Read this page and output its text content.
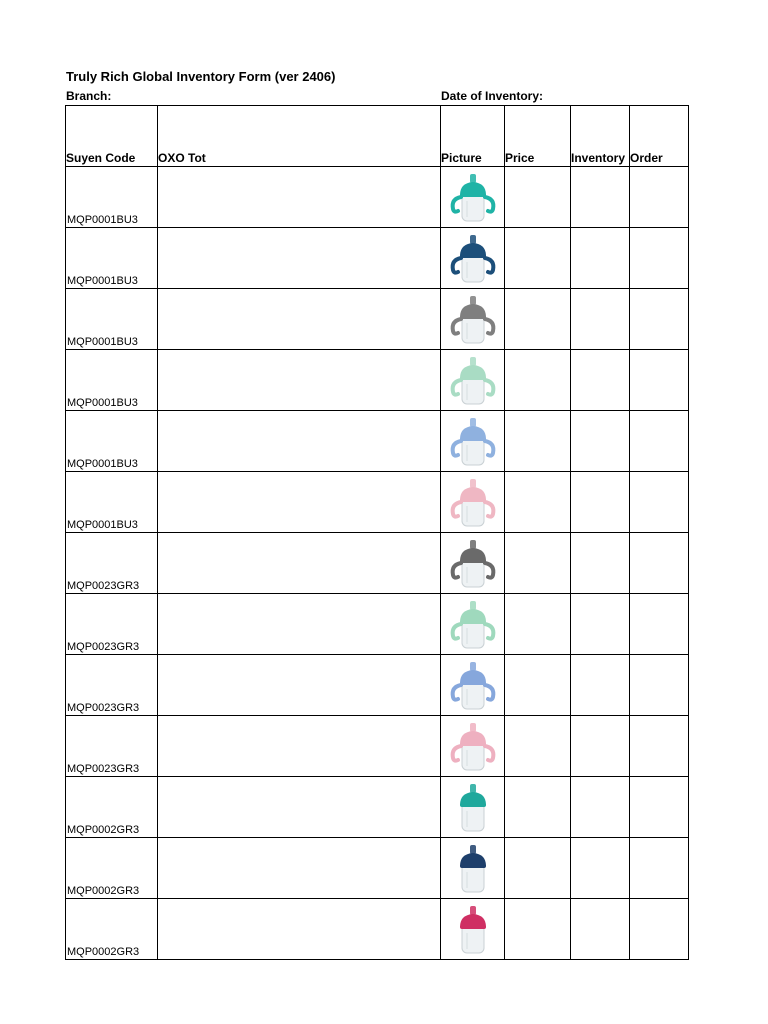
Truly Rich Global Inventory Form (ver 2406)
Branch:	Date of Inventory:
Suyen Code	OXO Tot	Picture	Price	Inventory	Order
MQP0001BU3		

MQP0001BU3		

MQP0001BU3		

MQP0001BU3		

MQP0001BU3		

MQP0001BU3		

MQP0023GR3		

MQP0023GR3		

MQP0023GR3		

MQP0023GR3		

MQP0002GR3		

MQP0002GR3		

MQP0002GR3		
